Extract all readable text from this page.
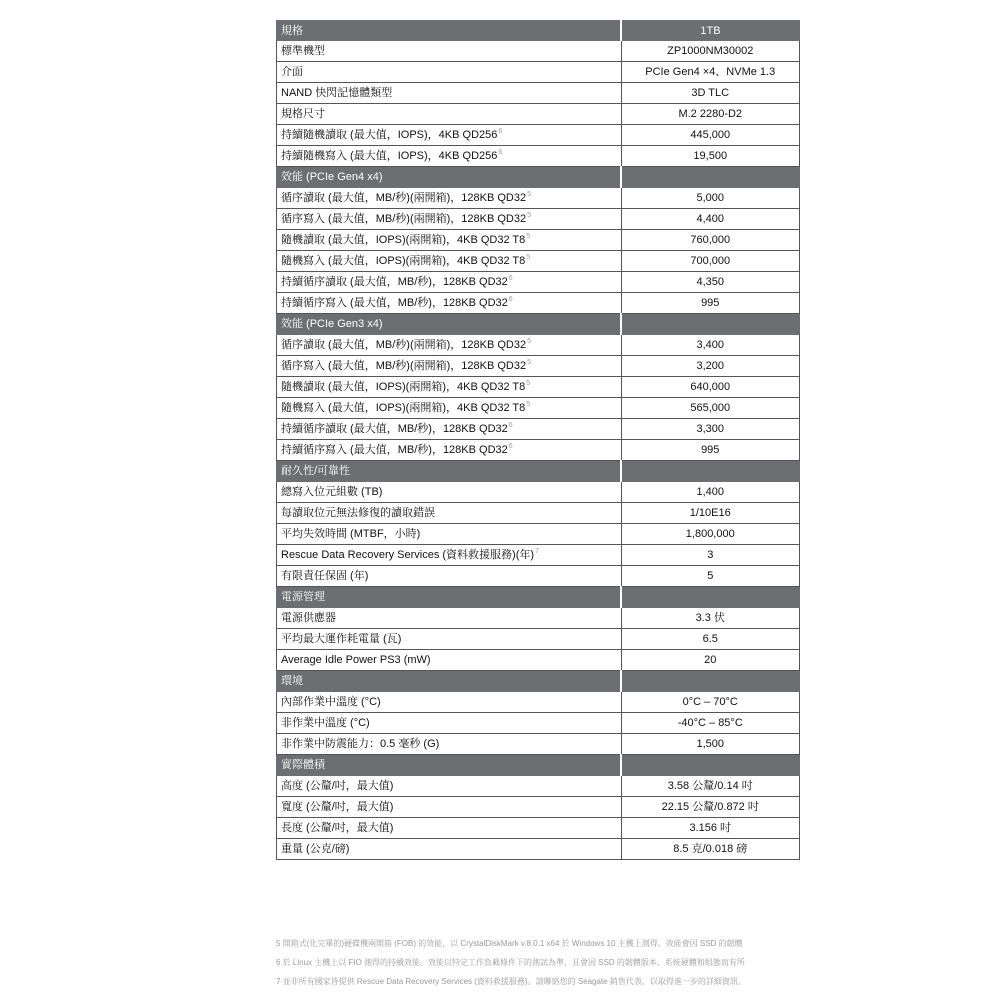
規格	1TB
標準機型	ZP1000NM30002
介面	PCIe Gen4 ×4、NVMe 1.3
NAND 快閃記憶體類型	3D TLC
規格尺寸	M.2 2280-D2
持續隨機讀取 (最大值，IOPS)，4KB $QD256^6$	445,000
持續隨機寫入 (最大值，IOPS)，4KB $QD256^6$	19,500
效能 (PCIe Gen4 x4)	
循序讀取 (最大值，MB/秒)(兩開箱)，128KB $QD32^5$	5,000
循序寫入 (最大值，MB/秒)(兩開箱)，128KB $QD32^5$	4,400
隨機讀取 (最大值，IOPS)(兩開箱)，4KB QD32 $T8^5$	760,000
隨機寫入 (最大值，IOPS)(兩開箱)，4KB QD32 $T8^5$	700,000
持續循序讀取 (最大值，MB/秒)，128KB $QD32^6$	4,350
持續循序寫入 (最大值，MB/秒)，128KB $QD32^6$	995
效能 (PCIe Gen3 x4)	
循序讀取 (最大值，MB/秒)(兩開箱)，128KB $QD32^5$	3,400
循序寫入 (最大值，MB/秒)(兩開箱)，128KB $QD32^5$	3,200
隨機讀取 (最大值，IOPS)(兩開箱)，4KB QD32 $T8^5$	640,000
隨機寫入 (最大值，IOPS)(兩開箱)，4KB QD32 $T8^5$	565,000
持續循序讀取 (最大值，MB/秒)，128KB $QD32^6$	3,300
持續循序寫入 (最大值，MB/秒)，128KB $QD32^6$	995
耐久性/可靠性	
總寫入位元組數 (TB)	1,400
每讀取位元無法修復的讀取錯誤	1/10E16
平均失效時間 (MTBF，小時)	1,800,000
Rescue Data Recovery Services (資料救援服務)(年)$^7$	3
有限責任保固 (年)	5
電源管理	
電源供應器	3.3 伏
平均最大運作耗電量 (瓦)	6.5
Average Idle Power PS3 (mW)	20
環境	
內部作業中溫度 (°C)	0°C – 70°C
非作業中溫度 (°C)	-40°C – 85°C
非作業中防震能力：0.5 毫秒 (G)	1,500
實際體積	
高度 (公釐/吋，最大值)	3.58 公釐/0.14 吋
寬度 (公釐/吋，最大值)	22.15 公釐/0.872 吋
長度 (公釐/吋，最大值)	3.156 吋
重量 (公克/磅)	8.5 克/0.018 磅
5 開箱式(化完畢的)硬碟機兩開箱 (FOB) 的效能，以 CrystalDiskMark v.8.0.1 x64 於 Windows 10 主機上測得。效能會因 SSD 的韌體
6 於 Linux 主機上以 FIO 測得的持續效能。效能以特定工作負載條件下的測試為準，且會因 SSD 的韌體版本、系統硬體和組態而有所
7 並非所有國家皆提供 Rescue Data Recovery Services (資料救援服務)。請聯絡您的 Seagate 銷售代表，以取得進一步的詳細資訊。
